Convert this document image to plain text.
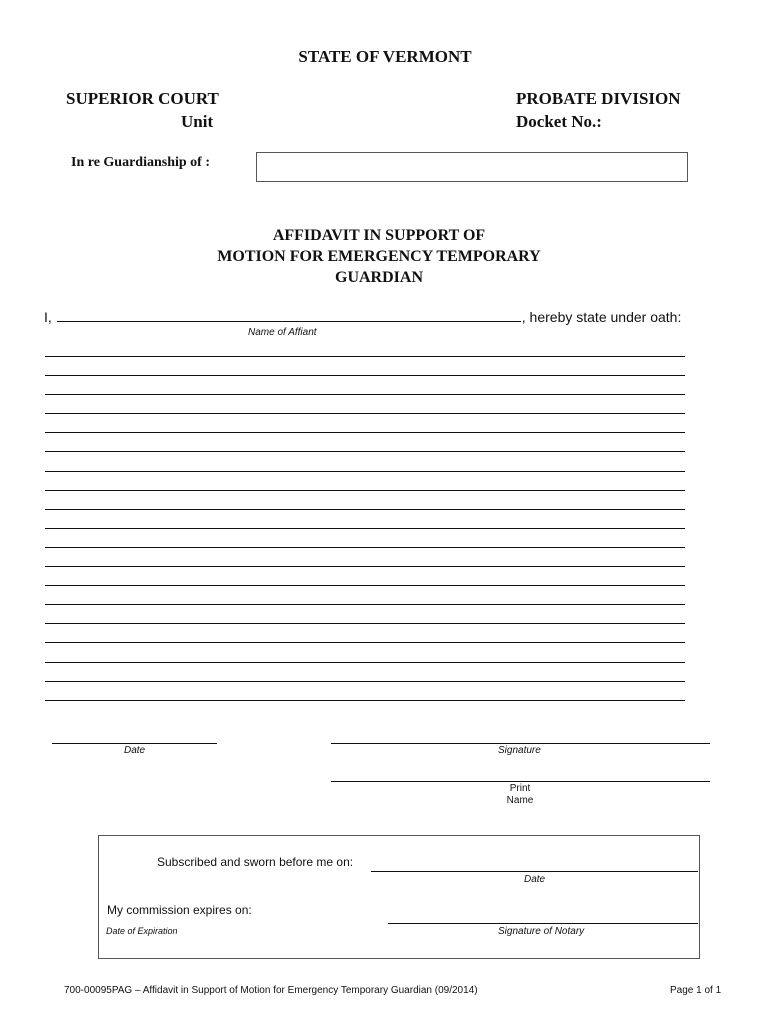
STATE OF VERMONT
SUPERIOR COURT
Unit
PROBATE DIVISION
Docket No.:
In re Guardianship of :
AFFIDAVIT IN SUPPORT OF
MOTION FOR EMERGENCY TEMPORARY
GUARDIAN
I,	, hereby state under oath:
Name of Affiant
Date	Signature
Print Name
Subscribed and sworn before me on:
Date
My commission expires on:
Date of Expiration	Signature of Notary
700-00095PAG – Affidavit in Support of Motion for Emergency Temporary Guardian (09/2014)	Page 1 of 1
